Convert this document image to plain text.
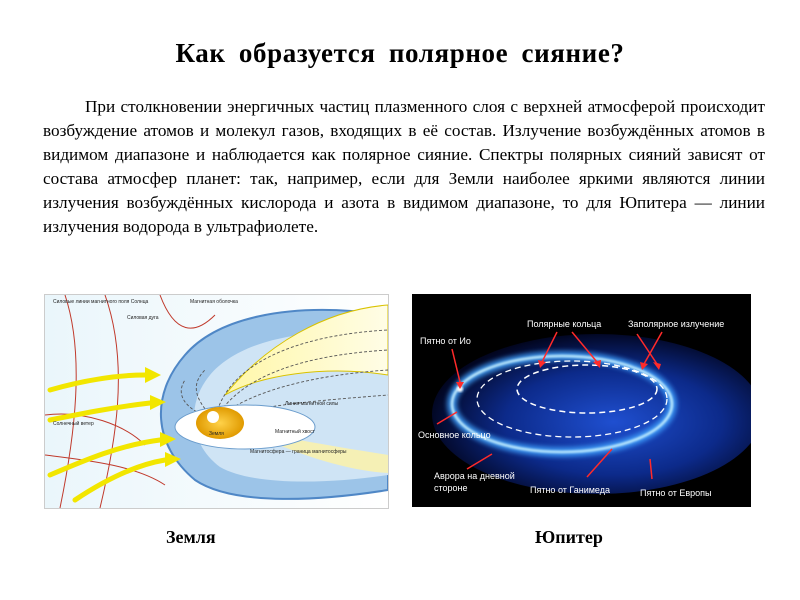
Как образуется полярное сияние?
При столкновении энергичных частиц плазменного слоя с верхней атмосферой происходит возбуждение атомов и молекул газов, входящих в её состав. Излучение возбуждённых атомов в видимом диапазоне и наблюдается как полярное сияние. Спектры полярных сияний зависят от состава атмосфер планет: так, например, если для Земли наиболее яркими являются линии излучения возбуждённых кислорода и азота в видимом диапазоне, то для Юпитера — линии излучения водорода в ультрафиолете.
Силовые линии магнитного поля Солнца	Магнитная оболочка
Силовая дуга
Солнечный ветер
Линия магнитной силы
Магнитный хвост
Земля
Магнитосфера — граница магнитосферы
Пятно от Ио
Полярные кольца	Заполярное излучение
Основное кольцо
Аврора на дневной
стороне	Пятно от Ганимеда	Пятно от Европы
Земля	Юпитер
